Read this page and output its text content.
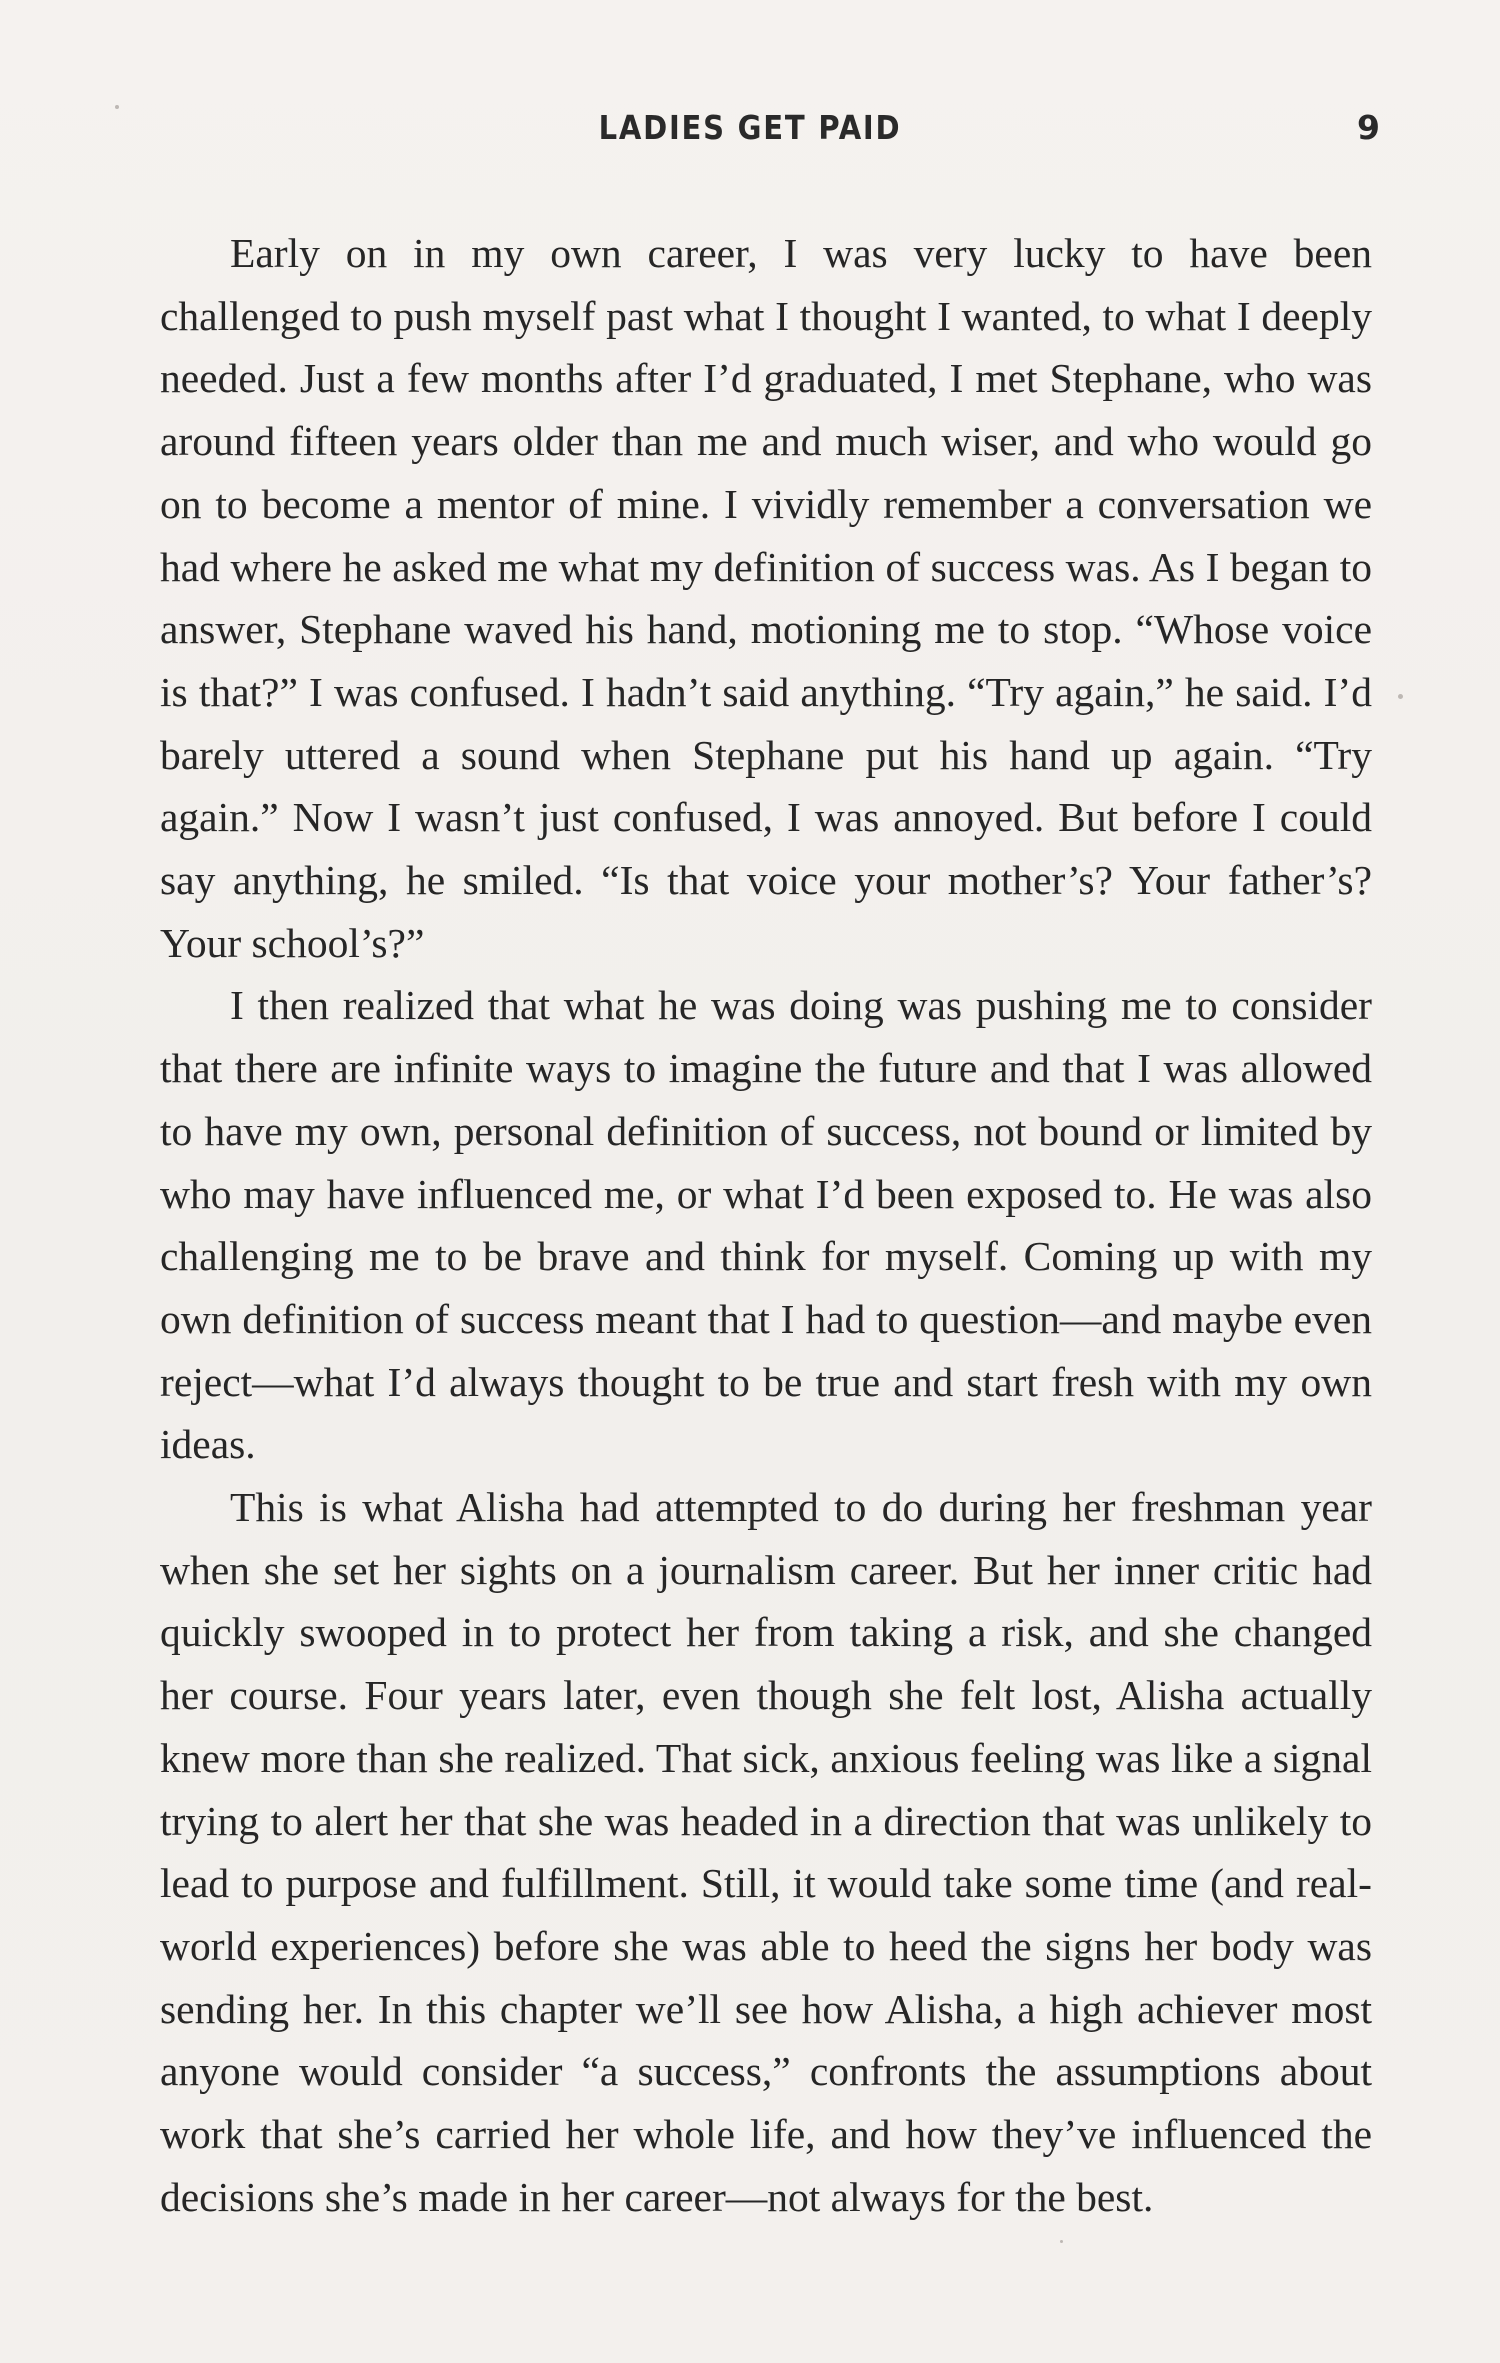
LADIES GET PAID	9

Early on in my own career, I was very lucky to have been challenged to push myself past what I thought I wanted, to what I deeply needed. Just a few months after I’d graduated, I met Stephane, who was around fifteen years older than me and much wiser, and who would go on to become a mentor of mine. I vividly remember a conversation we had where he asked me what my definition of success was. As I began to answer, Stephane waved his hand, motioning me to stop. “Whose voice is that?” I was confused. I hadn’t said anything. “Try again,” he said. I’d barely uttered a sound when Stephane put his hand up again. “Try again.” Now I wasn’t just confused, I was annoyed. But before I could say anything, he smiled. “Is that voice your mother’s? Your father’s? Your school’s?”

I then realized that what he was doing was pushing me to consider that there are infinite ways to imagine the future and that I was allowed to have my own, personal definition of success, not bound or limited by who may have influenced me, or what I’d been exposed to. He was also challenging me to be brave and think for myself. Coming up with my own definition of success meant that I had to question—and maybe even reject—what I’d always thought to be true and start fresh with my own ideas.

This is what Alisha had attempted to do during her freshman year when she set her sights on a journalism career. But her inner critic had quickly swooped in to protect her from taking a risk, and she changed her course. Four years later, even though she felt lost, Alisha actually knew more than she realized. That sick, anxious feeling was like a signal trying to alert her that she was headed in a direction that was unlikely to lead to purpose and fulfillment. Still, it would take some time (and real-world experiences) before she was able to heed the signs her body was sending her. In this chapter we’ll see how Alisha, a high achiever most anyone would consider “a success,” confronts the assumptions about work that she’s carried her whole life, and how they’ve influenced the decisions she’s made in her career—not always for the best.
